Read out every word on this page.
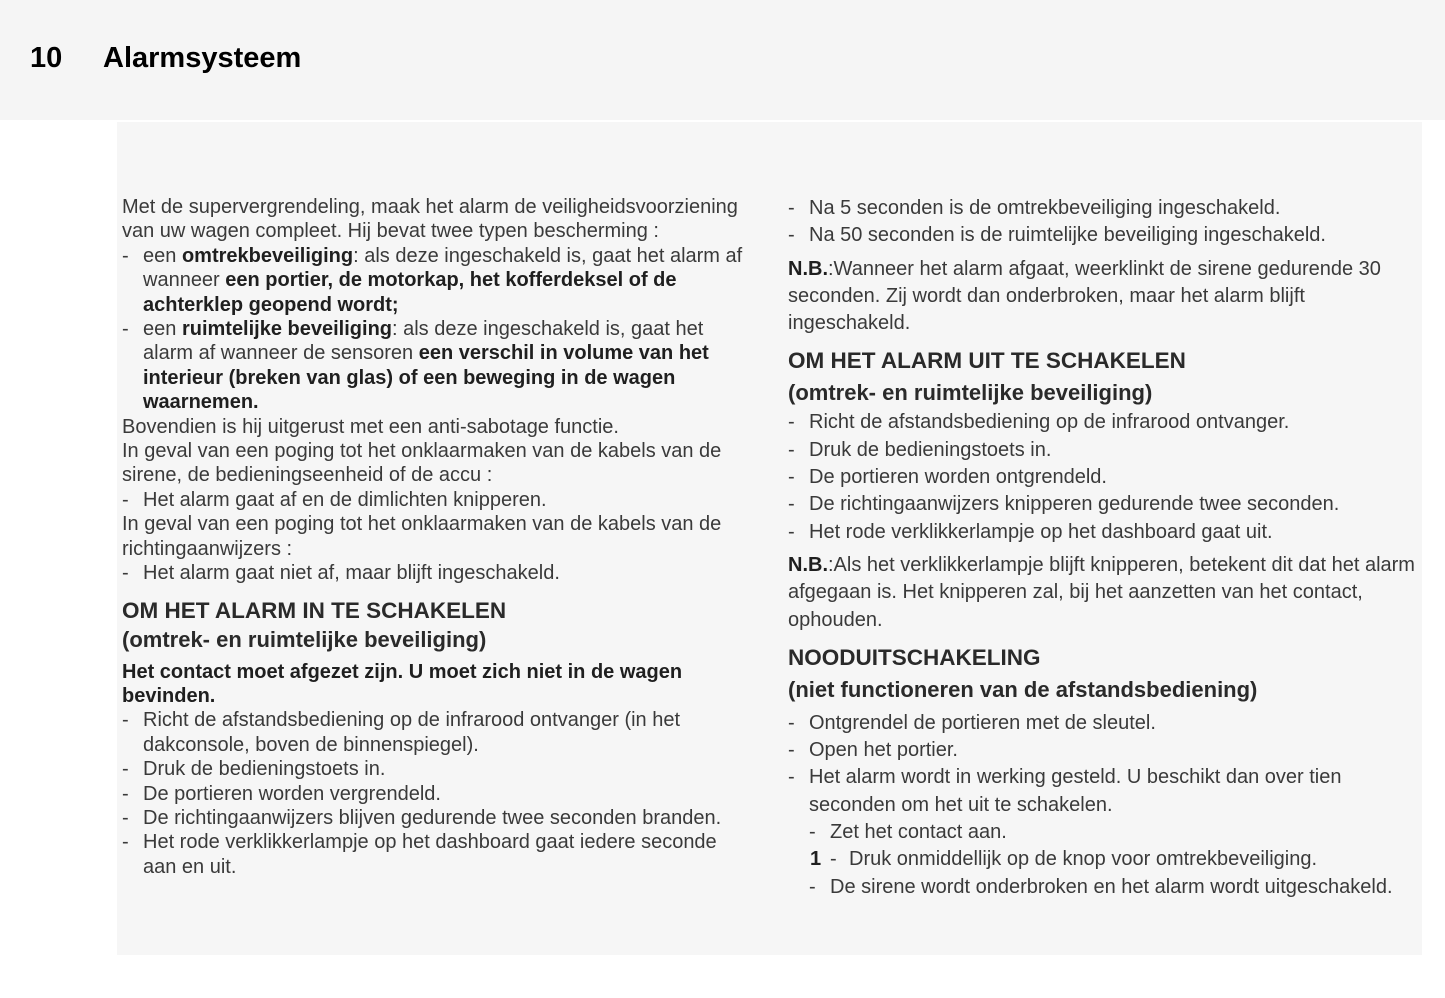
10 Alarmsysteem
Met de supervergrendeling, maak het alarm de veiligheidsvoorziening van uw wagen compleet. Hij bevat twee typen bescherming :
- een omtrekbeveiliging: als deze ingeschakeld is, gaat het alarm af wanneer een portier, de motorkap, het kofferdeksel of de achterklep geopend wordt;
- een ruimtelijke beveiliging: als deze ingeschakeld is, gaat het alarm af wanneer de sensoren een verschil in volume van het interieur (breken van glas) of een beweging in de wagen waarnemen.
Bovendien is hij uitgerust met een anti-sabotage functie.
In geval van een poging tot het onklaarmaken van de kabels van de sirene, de bedieningseenheid of de accu :
- Het alarm gaat af en de dimlichten knipperen.
In geval van een poging tot het onklaarmaken van de kabels van de richtingaanwijzers :
- Het alarm gaat niet af, maar blijft ingeschakeld.
OM HET ALARM IN TE SCHAKELEN
(omtrek- en ruimtelijke beveiliging)
Het contact moet afgezet zijn. U moet zich niet in de wagen bevinden.
- Richt de afstandsbediening op de infrarood ontvanger (in het dakconsole, boven de binnenspiegel).
- Druk de bedieningstoets in.
- De portieren worden vergrendeld.
- De richtingaanwijzers blijven gedurende twee seconden branden.
- Het rode verklikkerlampje op het dashboard gaat iedere seconde aan en uit.
- Na 5 seconden is de omtrekbeveiliging ingeschakeld.
- Na 50 seconden is de ruimtelijke beveiliging ingeschakeld.
N.B.:Wanneer het alarm afgaat, weerklinkt de sirene gedurende 30 seconden. Zij wordt dan onderbroken, maar het alarm blijft ingeschakeld.
OM HET ALARM UIT TE SCHAKELEN
(omtrek- en ruimtelijke beveiliging)
- Richt de afstandsbediening op de infrarood ontvanger.
- Druk de bedieningstoets in.
- De portieren worden ontgrendeld.
- De richtingaanwijzers knipperen gedurende twee seconden.
- Het rode verklikkerlampje op het dashboard gaat uit.
N.B.:Als het verklikkerlampje blijft knipperen, betekent dit dat het alarm afgegaan is. Het knipperen zal, bij het aanzetten van het contact, ophouden.
NOODUITSCHAKELING
(niet functioneren van de afstandsbediening)
- Ontgrendel de portieren met de sleutel.
- Open het portier.
- Het alarm wordt in werking gesteld. U beschikt dan over tien seconden om het uit te schakelen.
- Zet het contact aan.
1 - Druk onmiddellijk op de knop voor omtrekbeveiliging.
- De sirene wordt onderbroken en het alarm wordt uitgeschakeld.
